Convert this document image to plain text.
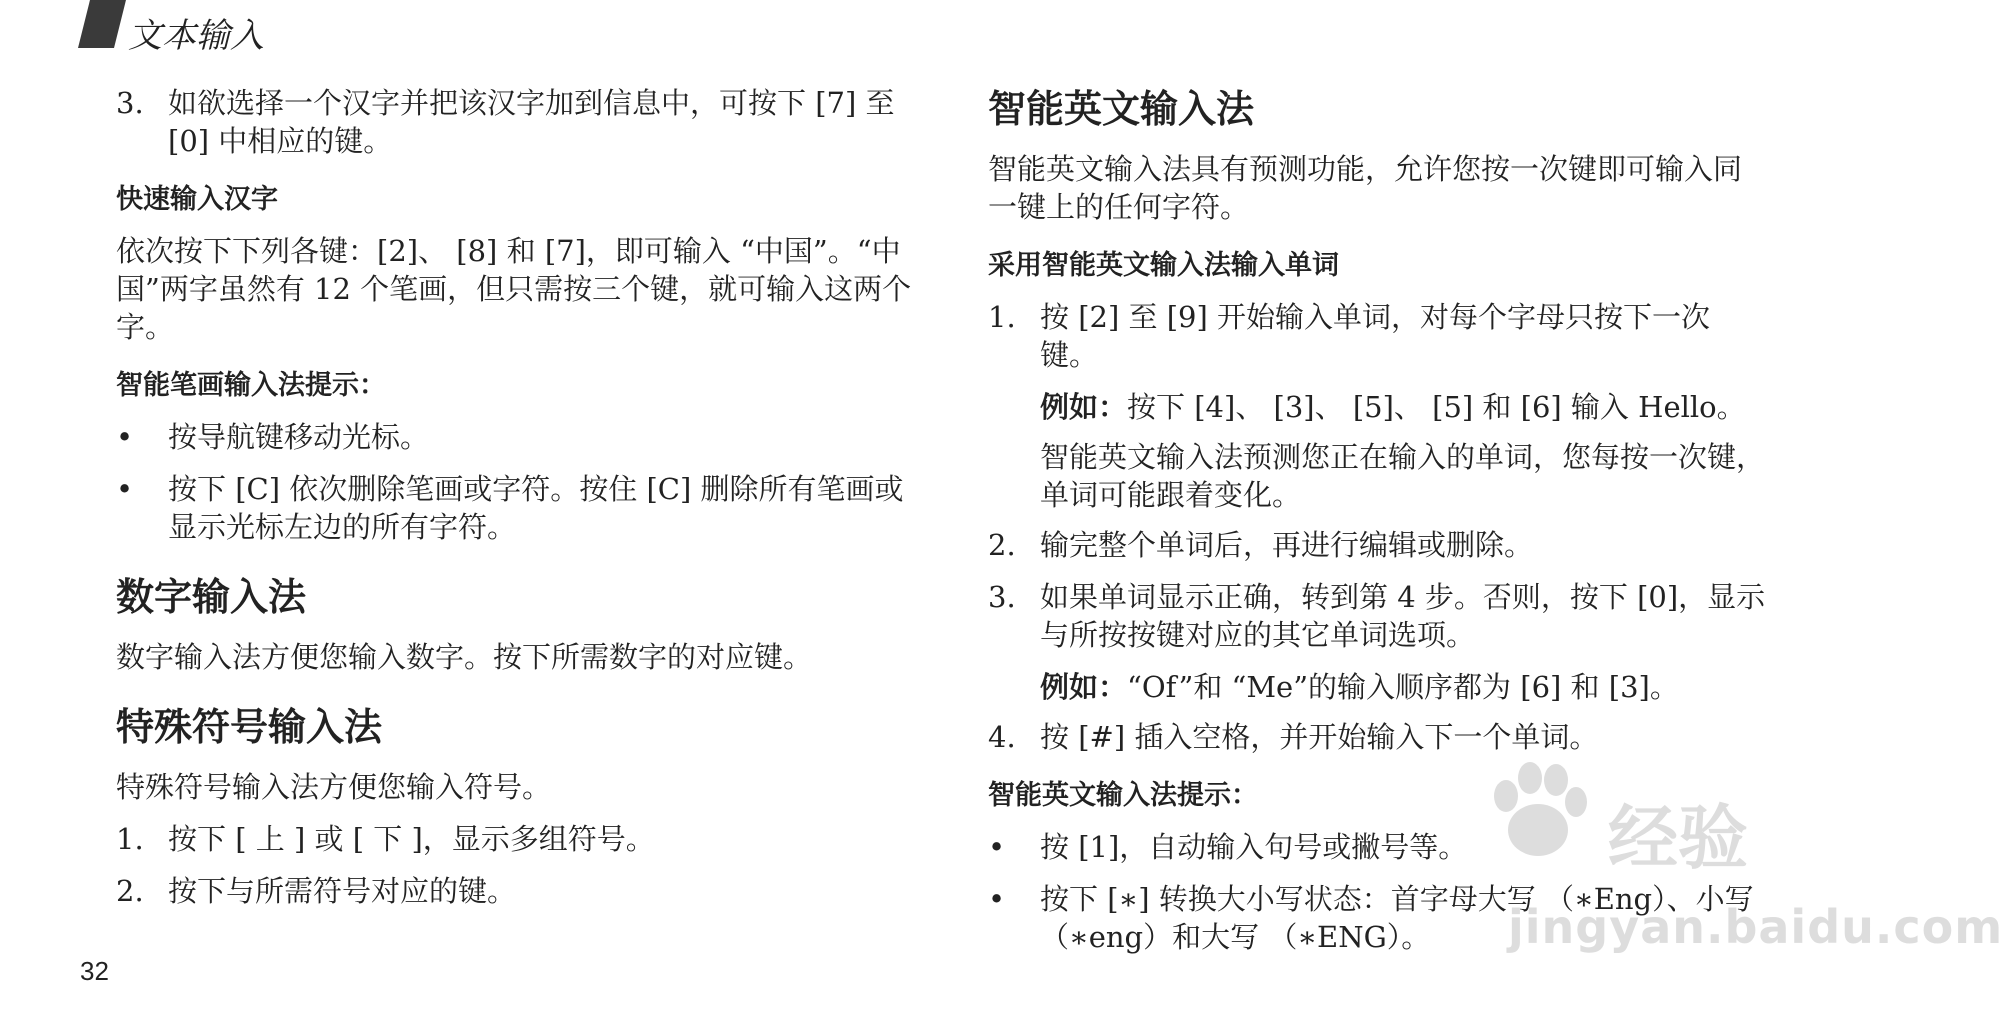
文本输入
3. 如欲选择一个汉字并把该汉字加到信息中，可按下 [7] 至 [0] 中相应的键。
快速输入汉字
依次按下下列各键：[2]、 [8] 和 [7]，即可输入 “中国”。“中国”两字虽然有 12 个笔画，但只需按三个键，就可输入这两个字。
智能笔画输入法提示：
•	按导航键移动光标。
•	按下 [C] 依次删除笔画或字符。按住 [C] 删除所有笔画或显示光标左边的所有字符。
数字输入法
数字输入法方便您输入数字。按下所需数字的对应键。
特殊符号输入法
特殊符号输入法方便您输入符号。
1. 按下 [ 上 ] 或 [ 下 ]，显示多组符号。
2. 按下与所需符号对应的键。
智能英文输入法
智能英文输入法具有预测功能，允许您按一次键即可输入同一键上的任何字符。
采用智能英文输入法输入单词
1. 按 [2] 至 [9] 开始输入单词，对每个字母只按下一次键。
例如：按下 [4]、 [3]、 [5]、 [5] 和 [6] 输入 Hello。
智能英文输入法预测您正在输入的单词，您每按一次键，单词可能跟着变化。
2. 输完整个单词后，再进行编辑或删除。
3. 如果单词显示正确，转到第 4 步。否则，按下 [0]，显示与所按按键对应的其它单词选项。
例如：“Of”和 “Me”的输入顺序都为 [6] 和 [3]。
4. 按 [#] 插入空格，并开始输入下一个单词。
智能英文输入法提示：
•	按 [1]，自动输入句号或撇号等。
•	按下 [∗] 转换大小写状态：首字母大写 （∗Eng）、小写 （∗eng）和大写 （∗ENG）。
32
经验
jingyan.baidu.com
